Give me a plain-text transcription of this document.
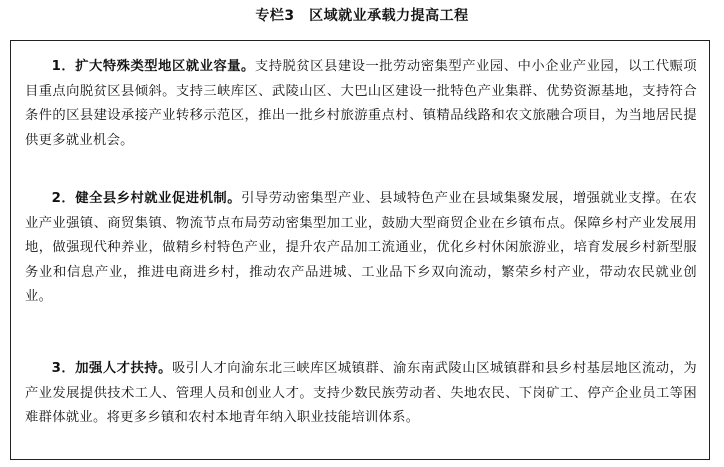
专栏3　区域就业承载力提高工程

1．扩大特殊类型地区就业容量。支持脱贫区县建设一批劳动密集型产业园、中小企业产业园，以工代赈项目重点向脱贫区县倾斜。支持三峡库区、武陵山区、大巴山区建设一批特色产业集群、优势资源基地，支持符合条件的区县建设承接产业转移示范区，推出一批乡村旅游重点村、镇精品线路和农文旅融合项目，为当地居民提供更多就业机会。

2．健全县乡村就业促进机制。引导劳动密集型产业、县域特色产业在县域集聚发展，增强就业支撑。在农业产业强镇、商贸集镇、物流节点布局劳动密集型加工业，鼓励大型商贸企业在乡镇布点。保障乡村产业发展用地，做强现代种养业，做精乡村特色产业，提升农产品加工流通业，优化乡村休闲旅游业，培育发展乡村新型服务业和信息产业，推进电商进乡村，推动农产品进城、工业品下乡双向流动，繁荣乡村产业，带动农民就业创业。

3．加强人才扶持。吸引人才向渝东北三峡库区城镇群、渝东南武陵山区城镇群和县乡村基层地区流动，为产业发展提供技术工人、管理人员和创业人才。支持少数民族劳动者、失地农民、下岗矿工、停产企业员工等困难群体就业。将更多乡镇和农村本地青年纳入职业技能培训体系。
